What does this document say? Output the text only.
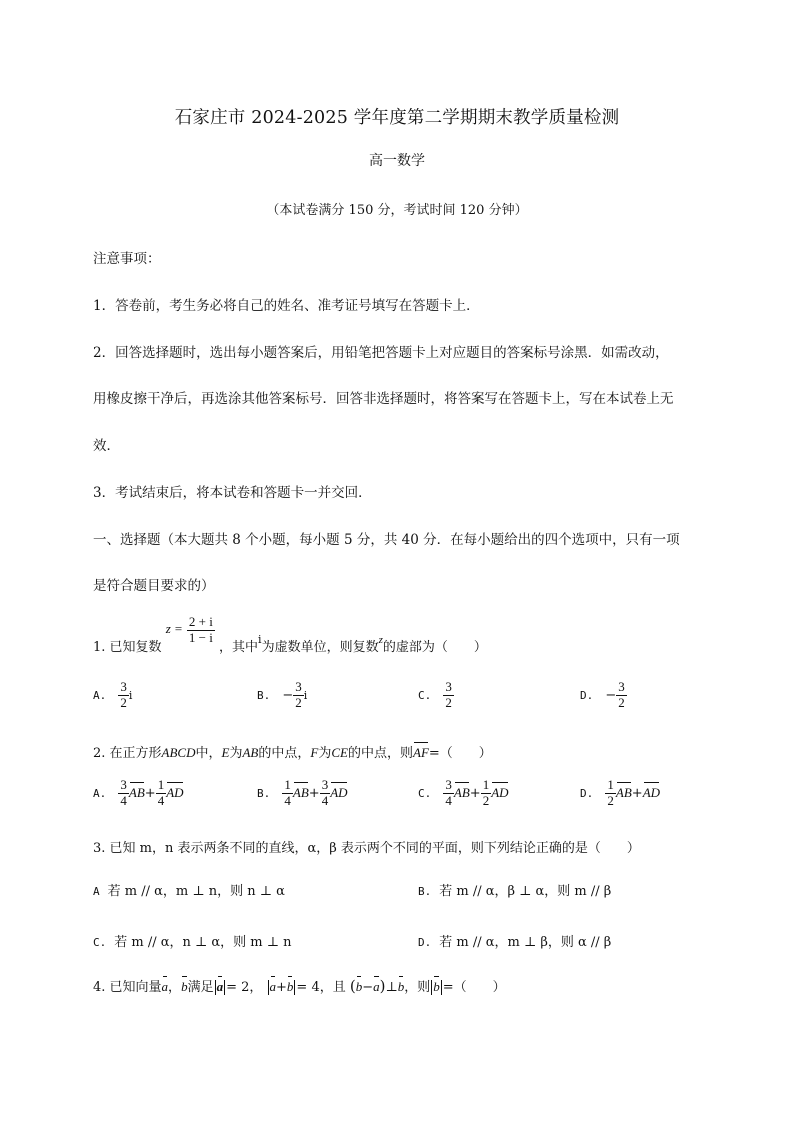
石家庄市 2024-2025 学年度第二学期期末教学质量检测
高一数学
（本试卷满分 150 分，考试时间 120 分钟）
注意事项：
1．答卷前，考生务必将自己的姓名、准考证号填写在答题卡上．
2．回答选择题时，选出每小题答案后，用铅笔把答题卡上对应题目的答案标号涂黑．如需改动，
用橡皮擦干净后，再选涂其他答案标号．回答非选择题时，将答案写在答题卡上，写在本试卷上无
效．
3．考试结束后，将本试卷和答题卡一并交回．
一、选择题（本大题共 8 个小题，每小题 5 分，共 40 分．在每小题给出的四个选项中，只有一项
是符合题目要求的）
1. 已知复数 $z = \frac{2 + i}{1 - i}$
，其中i为虚数单位，则复数z的虚部为（　　）
A. $\frac{3}{2}$ i	B. − $\frac{3}{2}$ i	C. $\frac{3}{2}$	D. − $\frac{3}{2}$
2. 在正方形ABCD中，E为AB的中点，F为CE的中点，则AF=（　　）
A. $\frac{3}{4} AB+ \frac{1}{4}$ AD	B. $\frac{1}{4} AB+ \frac{3}{4}$ AD	C. $\frac{3}{4} AB+ \frac{1}{2}$ AD	D. $\frac{1}{2} AB+AD$
3. 已知 m，n 表示两条不同的直线，α，β 表示两个不同的平面，则下列结论正确的是（　　）
A 若 m // α，m ⊥ n，则 n ⊥ α	B. 若 m // α，β ⊥ α，则 m // β
C. 若 m // α，n ⊥ α，则 m ⊥ n	D. 若 m // α，m ⊥ β，则 α // β
4. 已知向量a，b满足 a = 2， a+b = 4，且 (b−a)⊥b，则 b =（　　）
